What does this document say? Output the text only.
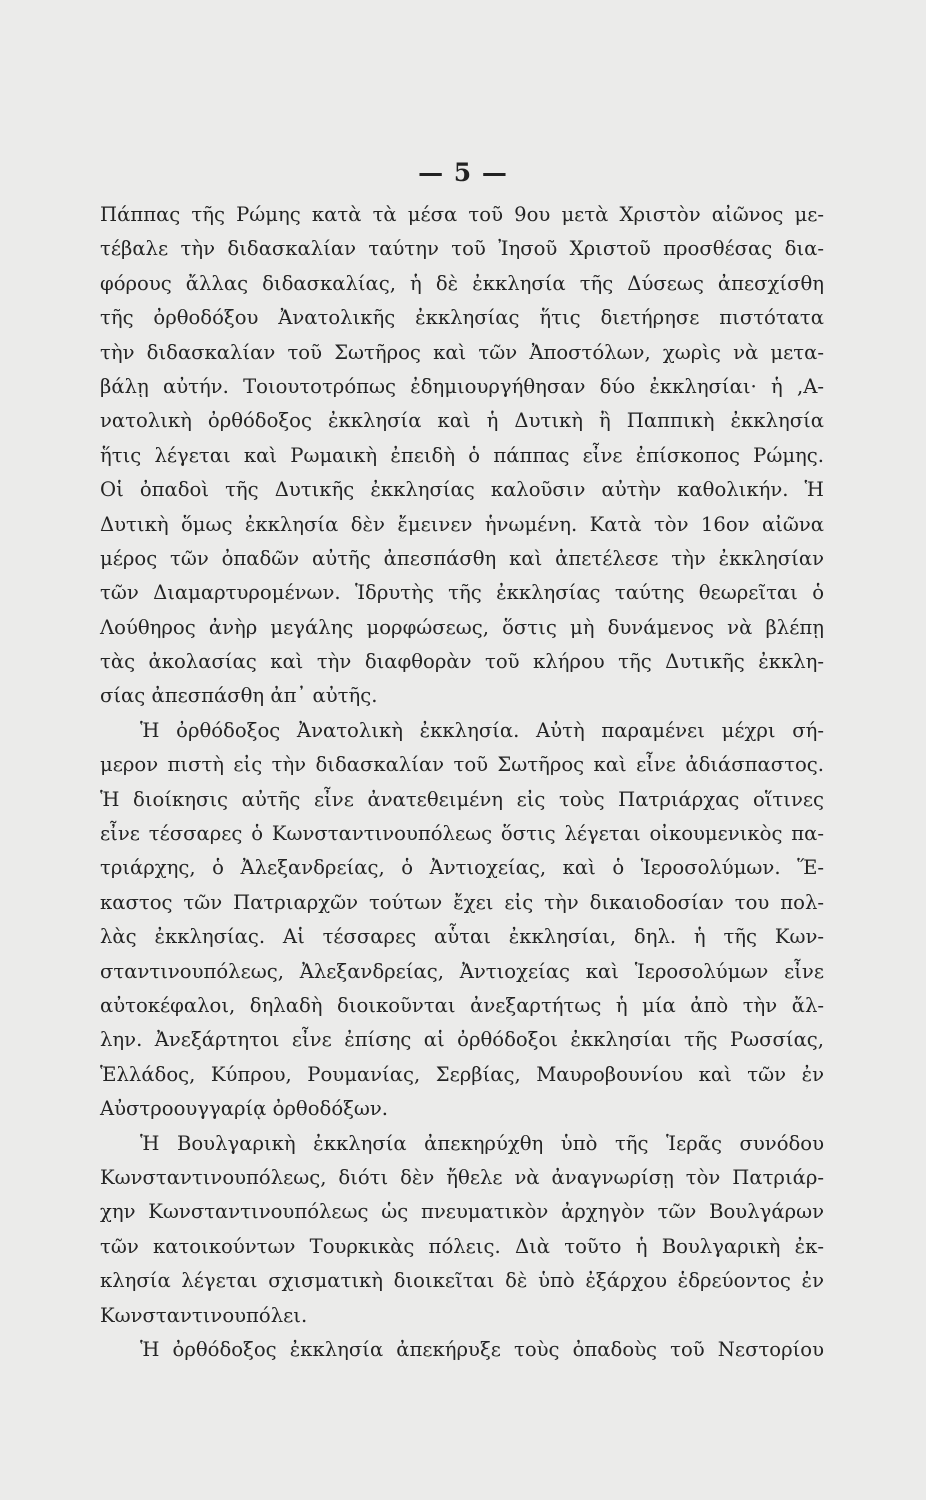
— 5 —
Πάππας τῆς Ρώμης κατὰ τὰ μέσα τοῦ 9ου μετὰ Χριστὸν αἰῶνος με-
τέβαλε τὴν διδασκαλίαν ταύτην τοῦ Ἰησοῦ Χριστοῦ προσθέσας δια-
φόρους ἄλλας διδασκαλίας, ἡ δὲ ἐκκλησία τῆς Δύσεως ἀπεσχίσθη
τῆς ὀρθοδόξου Ἀνατολικῆς ἐκκλησίας ἥτις διετήρησε πιστότατα
τὴν διδασκαλίαν τοῦ Σωτῆρος καὶ τῶν Ἀποστόλων, χωρὶς νὰ μετα-
βάλῃ αὐτήν. Τοιουτοτρόπως ἐδημιουργήθησαν δύο ἐκκλησίαι· ἡ ,Α-
νατολικὴ ὀρθόδοξος ἐκκλησία καὶ ἡ Δυτικὴ ἢ Παππικὴ ἐκκλησία
ἥτις λέγεται καὶ Ρωμαικὴ ἐπειδὴ ὁ πάππας εἶνε ἐπίσκοπος Ρώμης.
Οἱ ὀπαδοὶ τῆς Δυτικῆς ἐκκλησίας καλοῦσιν αὐτὴν καθολικήν. Ἡ
Δυτικὴ ὅμως ἐκκλησία δὲν ἔμεινεν ἡνωμένη. Κατὰ τὸν 16ον αἰῶνα
μέρος τῶν ὀπαδῶν αὐτῆς ἀπεσπάσθη καὶ ἀπετέλεσε τὴν ἐκκλησίαν
τῶν Διαμαρτυρομένων. Ἱδρυτὴς τῆς ἐκκλησίας ταύτης θεωρεῖται ὁ
Λούθηρος ἀνὴρ μεγάλης μορφώσεως, ὅστις μὴ δυνάμενος νὰ βλέπῃ
τὰς ἀκολασίας καὶ τὴν διαφθορὰν τοῦ κλήρου τῆς Δυτικῆς ἐκκλη-
σίας ἀπεσπάσθη ἀπ᾽ αὐτῆς.
Ἡ ὀρθόδοξος Ἀνατολικὴ ἐκκλησία. Αὐτὴ παραμένει μέχρι σή-
μερον πιστὴ εἰς τὴν διδασκαλίαν τοῦ Σωτῆρος καὶ εἶνε ἀδιάσπαστος.
Ἡ διοίκησις αὐτῆς εἶνε ἀνατεθειμένη εἰς τοὺς Πατριάρχας οἵτινες
εἶνε τέσσαρες ὁ Κωνσταντινουπόλεως ὅστις λέγεται οἰκουμενικὸς πα-
τριάρχης, ὁ Ἀλεξανδρείας, ὁ Ἀντιοχείας, καὶ ὁ Ἱεροσολύμων. Ἕ-
καστος τῶν Πατριαρχῶν τούτων ἔχει εἰς τὴν δικαιοδοσίαν του πολ-
λὰς ἐκκλησίας. Αἱ τέσσαρες αὗται ἐκκλησίαι, δηλ. ἡ τῆς Κων-
σταντινουπόλεως, Ἀλεξανδρείας, Ἀντιοχείας καὶ Ἱεροσολύμων εἶνε
αὐτοκέφαλοι, δηλαδὴ διοικοῦνται ἀνεξαρτήτως ἡ μία ἀπὸ τὴν ἄλ-
λην. Ἀνεξάρτητοι εἶνε ἐπίσης αἱ ὀρθόδοξοι ἐκκλησίαι τῆς Ρωσσίας,
Ἑλλάδος, Κύπρου, Ρουμανίας, Σερβίας, Μαυροβουνίου καὶ τῶν ἐν
Αὐστροουγγαρίᾳ ὀρθοδόξων.
Ἡ Βουλγαρικὴ ἐκκλησία ἀπεκηρύχθη ὑπὸ τῆς Ἱερᾶς συνόδου
Κωνσταντινουπόλεως, διότι δὲν ἤθελε νὰ ἀναγνωρίσῃ τὸν Πατριάρ-
χην Κωνσταντινουπόλεως ὡς πνευματικὸν ἀρχηγὸν τῶν Βουλγάρων
τῶν κατοικούντων Τουρκικὰς πόλεις. Διὰ τοῦτο ἡ Βουλγαρικὴ ἐκ-
κλησία λέγεται σχισματικὴ διοικεῖται δὲ ὑπὸ ἐξάρχου ἑδρεύοντος ἐν
Κωνσταντινουπόλει.
Ἡ ὀρθόδοξος ἐκκλησία ἀπεκήρυξε τοὺς ὀπαδοὺς τοῦ Νεστορίου
